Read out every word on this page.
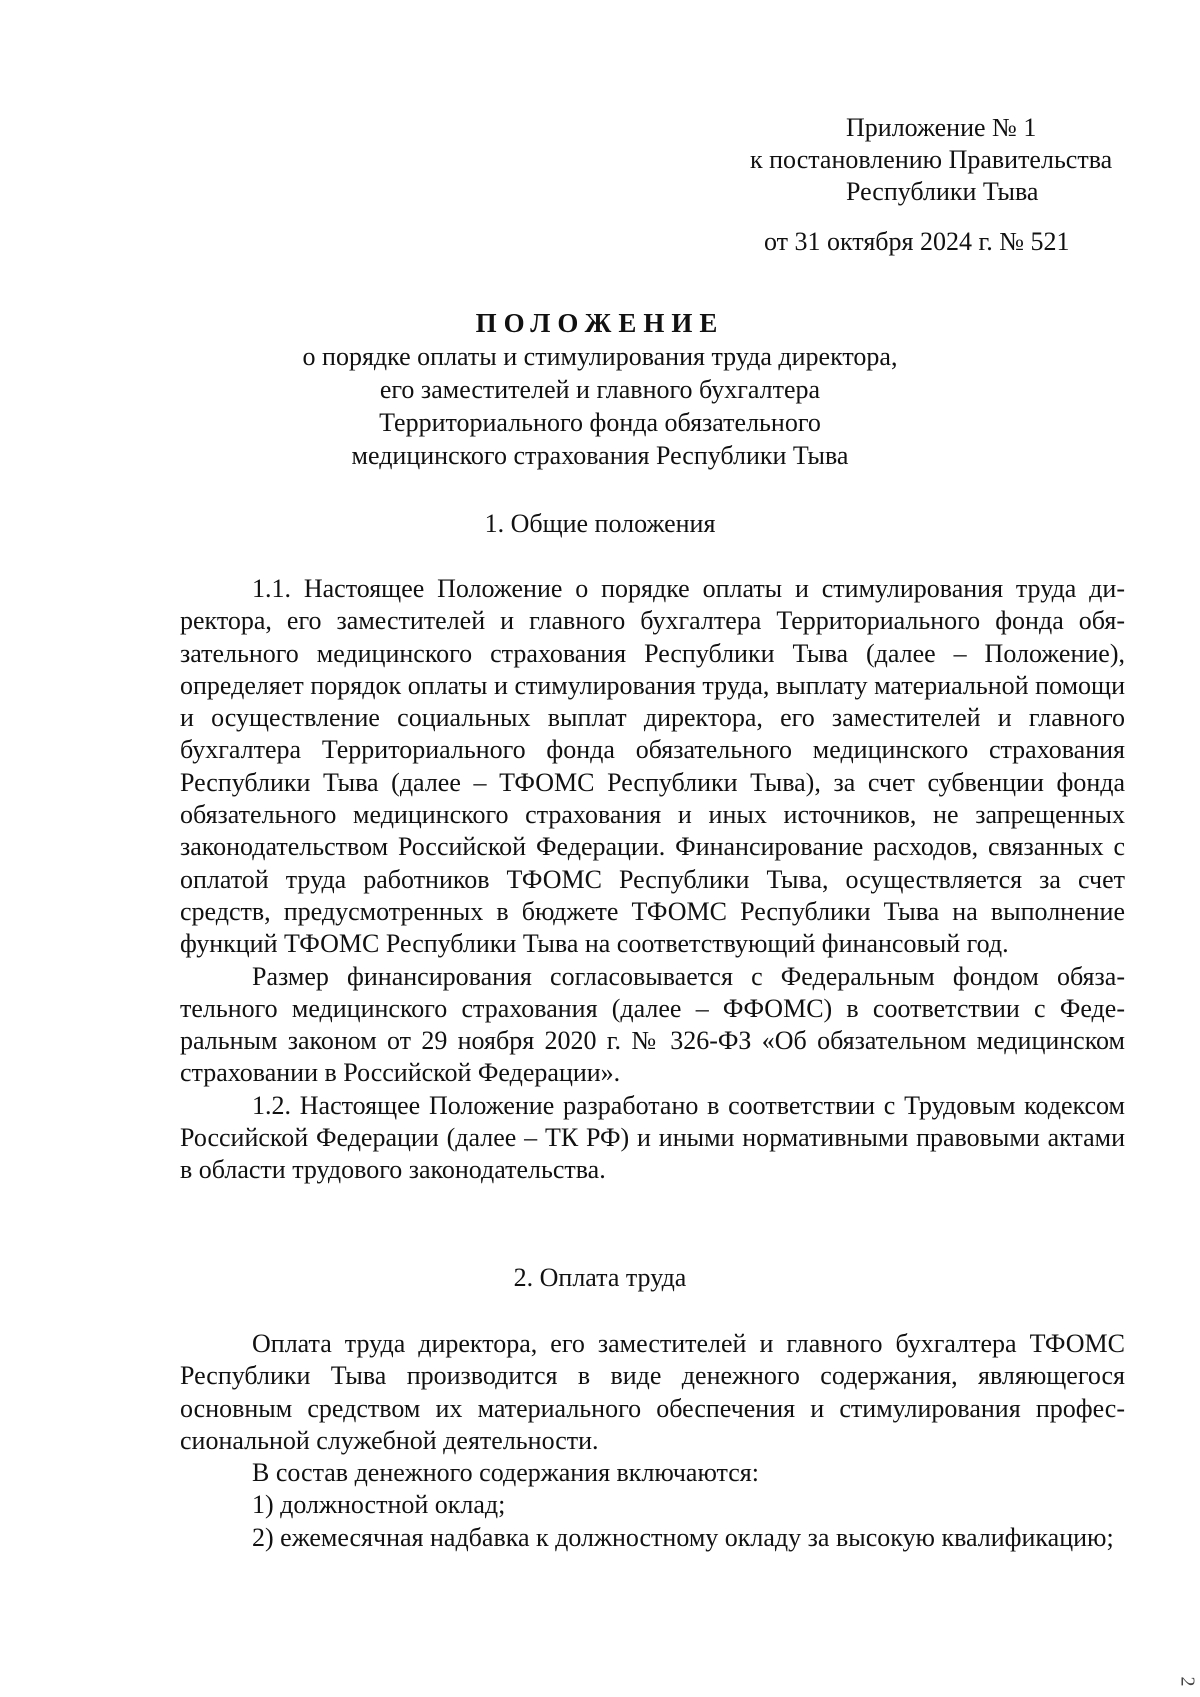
Приложение № 1
к постановлению Правительства
Республики Тыва
от 31 октября 2024 г. № 521
ПОЛОЖЕНИЕ
о порядке оплаты и стимулирования труда директора,
его заместителей и главного бухгалтера
Территориального фонда обязательного
медицинского страхования Республики Тыва
1. Общие положения

1.1. Настоящее Положение о порядке оплаты и стимулирования труда директора, его заместителей и главного бухгалтера Территориального фонда обязательного медицинского страхования Республики Тыва (далее – Положение), определяет порядок оплаты и стимулирования труда, выплату материальной помощи и осуществление социальных выплат директора, его заместителей и главного бухгалтера Территориального фонда обязательного медицинского страхования Республики Тыва (далее – ТФОМС Республики Тыва), за счет субвенции фонда обязательного медицинского страхования и иных источников, не запрещенных законодательством Российской Федерации. Финансирование расходов, связанных с оплатой труда работников ТФОМС Республики Тыва, осуществляется за счет средств, предусмотренных в бюджете ТФОМС Республики Тыва на выполнение функций ТФОМС Республики Тыва на соответствующий финансовый год.

Размер финансирования согласовывается с Федеральным фондом обязательного медицинского страхования (далее – ФФОМС) в соответствии с Федеральным законом от 29 ноября 2020 г. № 326-ФЗ «Об обязательном медицинском страховании в Российской Федерации».

1.2. Настоящее Положение разработано в соответствии с Трудовым кодексом Российской Федерации (далее – ТК РФ) и иными нормативными правовыми актами в области трудового законодательства.

2. Оплата труда

Оплата труда директора, его заместителей и главного бухгалтера ТФОМС Республики Тыва производится в виде денежного содержания, являющегося основным средством их материального обеспечения и стимулирования профессиональной служебной деятельности.

В состав денежного содержания включаются:

1) должностной оклад;

2) ежемесячная надбавка к должностному окладу за высокую квалификацию;

2
